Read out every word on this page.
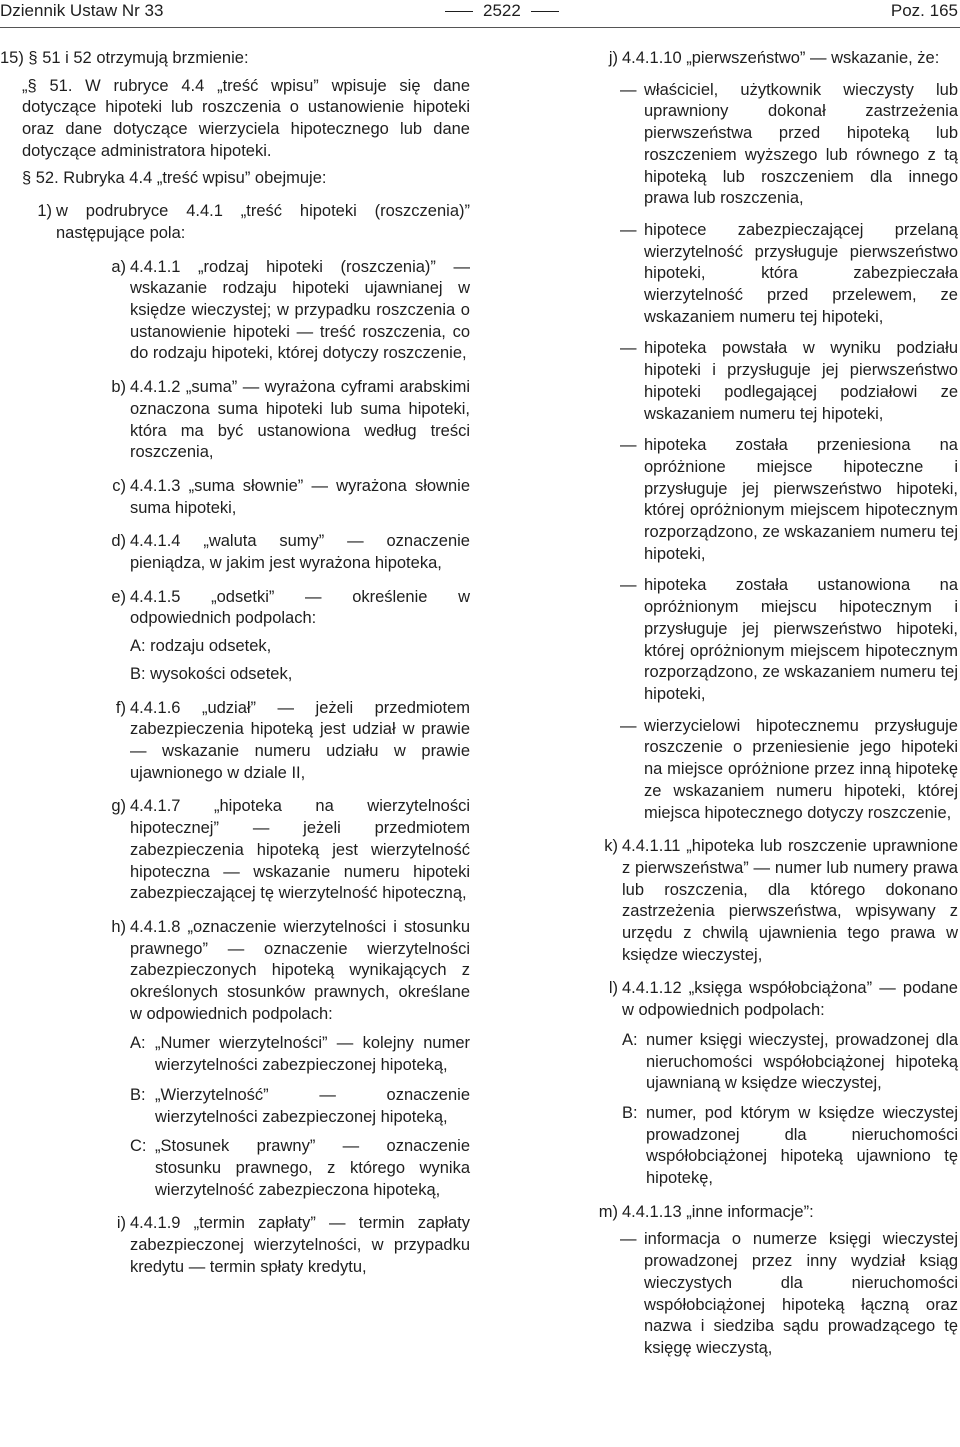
Dziennik Ustaw Nr 33	2522	Poz. 165

15) § 51 i 52 otrzymują brzmienie:

„§ 51. W rubryce 4.4 „treść wpisu” wpisuje się dane dotyczące hipoteki lub roszczenia o ustanowienie hipoteki oraz dane dotyczące wierzyciela hipotecznego lub dane dotyczące administratora hipoteki.

§ 52. Rubryka 4.4 „treść wpisu” obejmuje:

1) w podrubryce 4.4.1 „treść hipoteki (roszczenia)” następujące pola:
a) 4.4.1.1 „rodzaj hipoteki (roszczenia)” — wskazanie rodzaju hipoteki ujawnianej w księdze wieczystej; w przypadku roszczenia o ustanowienie hipoteki — treść roszczenia, co do rodzaju hipoteki, której dotyczy roszczenie,
b) 4.4.1.2 „suma” — wyrażona cyframi arabskimi oznaczona suma hipoteki lub suma hipoteki, która ma być ustanowiona według treści roszczenia,
c) 4.4.1.3 „suma słownie” — wyrażona słownie suma hipoteki,
d) 4.4.1.4 „waluta sumy” — oznaczenie pieniądza, w jakim jest wyrażona hipoteka,
e) 4.4.1.5 „odsetki” — określenie w odpowiednich podpolach:

A: rodzaju odsetek,

B: wysokości odsetek,

f) 4.4.1.6 „udział” — jeżeli przedmiotem zabezpieczenia hipoteką jest udział w prawie — wskazanie numeru udziału w prawie ujawnionego w dziale II,
g) 4.4.1.7 „hipoteka na wierzytelności hipotecznej” — jeżeli przedmiotem zabezpieczenia hipoteką jest wierzytelność hipoteczna — wskazanie numeru hipoteki zabezpieczającej tę wierzytelność hipoteczną,
h) 4.4.1.8 „oznaczenie wierzytelności i stosunku prawnego” — oznaczenie wierzytelności zabezpieczonych hipoteką wynikających z określonych stosunków prawnych, określane w odpowiednich podpolach:
A: „Numer wierzytelności” — kolejny numer wierzytelności zabezpieczonej hipoteką,
B: „Wierzytelność” — oznaczenie wierzytelności zabezpieczonej hipoteką,
C: „Stosunek prawny” — oznaczenie stosunku prawnego, z którego wynika wierzytelność zabezpieczona hipoteką,
i) 4.4.1.9 „termin zapłaty” — termin zapłaty zabezpieczonej wierzytelności, w przypadku kredytu — termin spłaty kredytu,
j) 4.4.1.10 „pierwszeństwo” — wskazanie, że:

— właściciel, użytkownik wieczysty lub uprawniony dokonał zastrzeżenia pierwszeństwa przed hipoteką lub roszczeniem wyższego lub równego z tą hipoteką lub roszczeniem dla innego prawa lub roszczenia,

— hipotece zabezpieczającej przelaną wierzytelność przysługuje pierwszeństwo hipoteki, która zabezpieczała wierzytelność przed przelewem, ze wskazaniem numeru tej hipoteki,

— hipoteka powstała w wyniku podziału hipoteki i przysługuje jej pierwszeństwo hipoteki podlegającej podziałowi ze wskazaniem numeru tej hipoteki,

— hipoteka została przeniesiona na opróżnione miejsce hipoteczne i przysługuje jej pierwszeństwo hipoteki, której opróżnionym miejscem hipotecznym rozporządzono, ze wskazaniem numeru tej hipoteki,

— hipoteka została ustanowiona na opróżnionym miejscu hipotecznym i przysługuje jej pierwszeństwo hipoteki, której opróżnionym miejscem hipotecznym rozporządzono, ze wskazaniem numeru tej hipoteki,

— wierzycielowi hipotecznemu przysługuje roszczenie o przeniesienie jego hipoteki na miejsce opróżnione przez inną hipotekę ze wskazaniem numeru hipoteki, której miejsca hipotecznego dotyczy roszczenie,

k) 4.4.1.11 „hipoteka lub roszczenie uprawnione z pierwszeństwa” — numer lub numery prawa lub roszczenia, dla którego dokonano zastrzeżenia pierwszeństwa, wpisywany z urzędu z chwilą ujawnienia tego prawa w księdze wieczystej,
l) 4.4.1.12 „księga współobciążona” — podane w odpowiednich podpolach:
A: numer księgi wieczystej, prowadzonej dla nieruchomości współobciążonej hipoteką ujawnianą w księdze wieczystej,
B: numer, pod którym w księdze wieczystej prowadzonej dla nieruchomości współobciążonej hipoteką ujawniono tę hipotekę,
m) 4.4.1.13 „inne informacje”:

— informacja o numerze księgi wieczystej prowadzonej przez inny wydział ksiąg wieczystych dla nieruchomości współobciążonej hipoteką łączną oraz nazwa i siedziba sądu prowadzącego tę księgę wieczystą,
